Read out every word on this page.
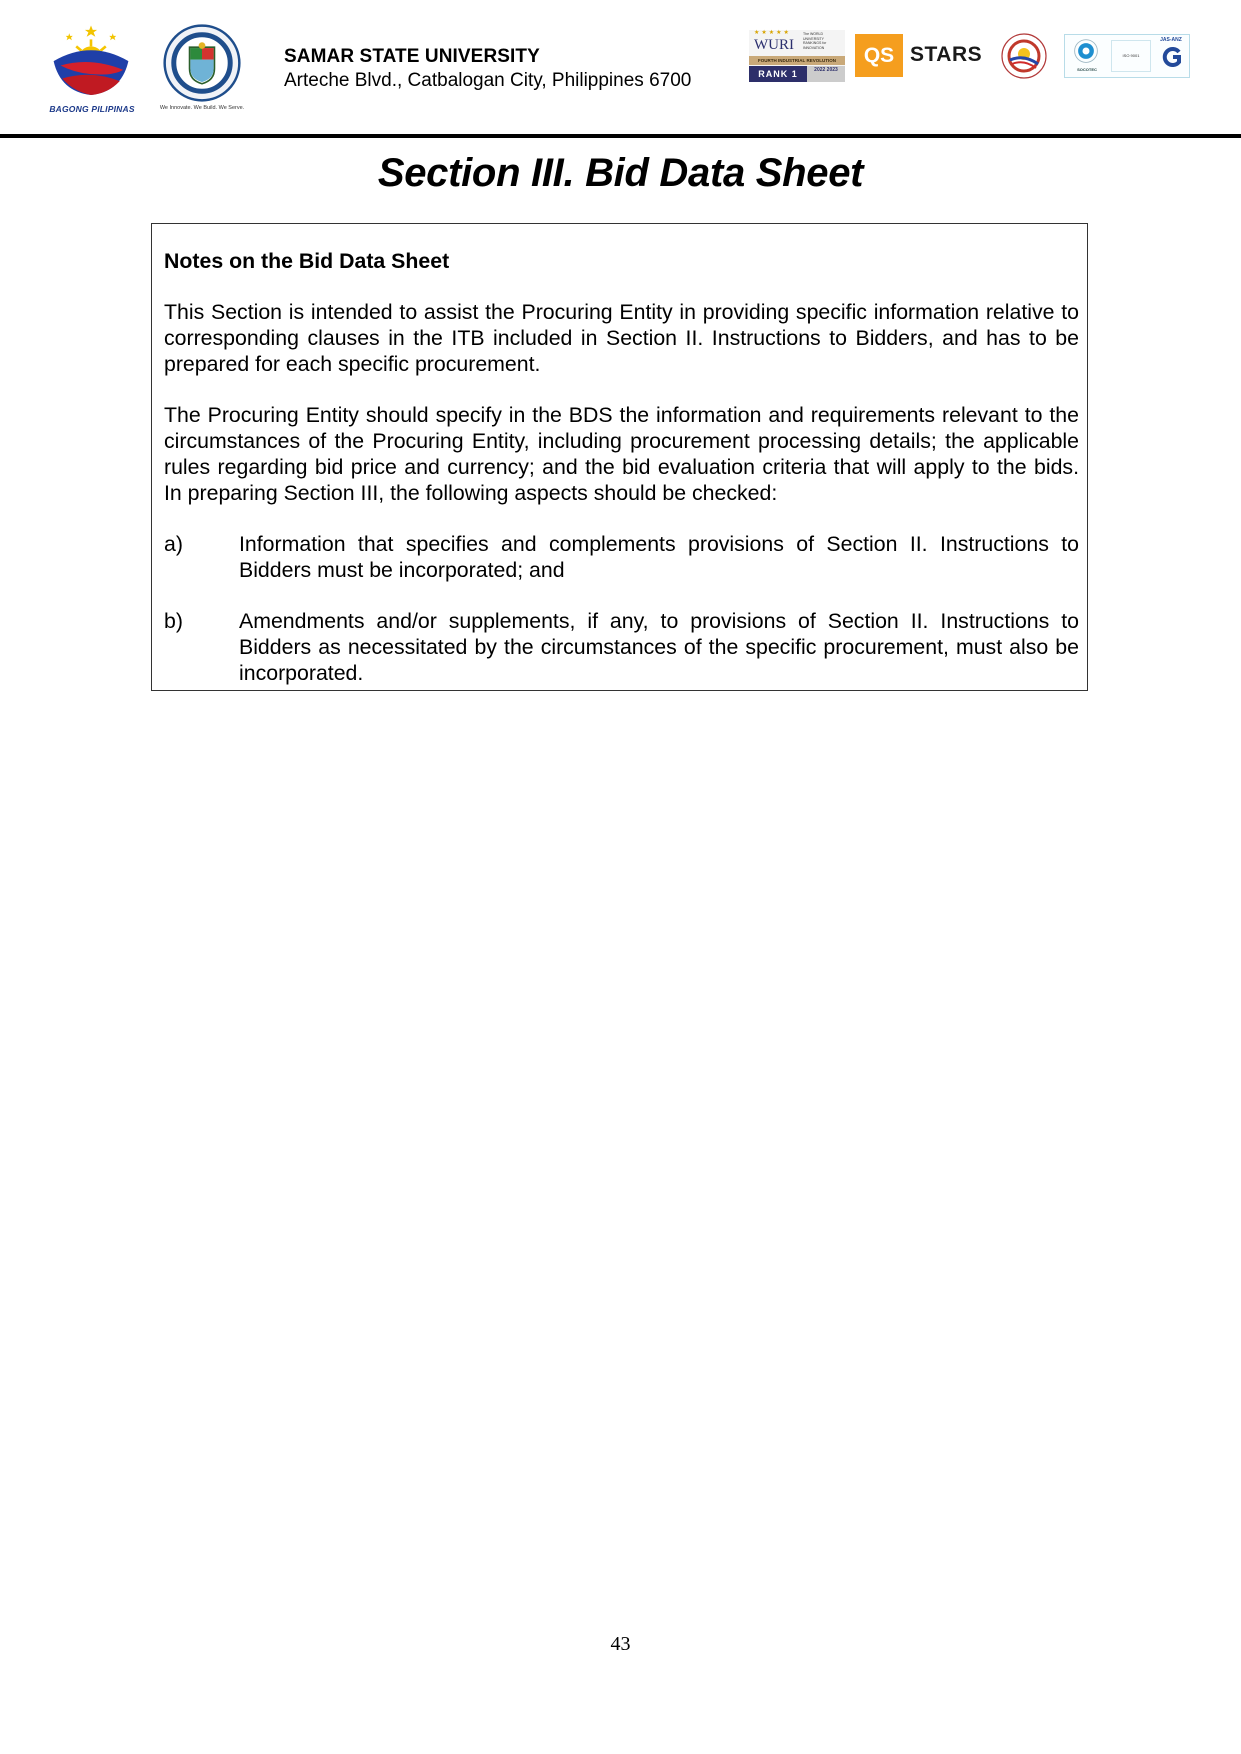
BAGONG PILIPINAS	We Innovate. We Build. We Serve.
SAMAR STATE UNIVERSITY
Arteche Blvd., Catbalogan City, Philippines 6700
★★★★★
WURI
The WORLD UNIVERSITY RANKINGS for INNOVATION
FOURTH INDUSTRIAL REVOLUTION
RANK 1	2022 2023
QS STARS
SOCOTEC
ISO 9001
JAS-ANZ
Section III. Bid Data Sheet

Notes on the Bid Data Sheet

This Section is intended to assist the Procuring Entity in providing specific information relative to corresponding clauses in the ITB included in Section II. Instructions to Bidders, and has to be prepared for each specific procurement.

The Procuring Entity should specify in the BDS the information and requirements relevant to the circumstances of the Procuring Entity, including procurement processing details; the applicable rules regarding bid price and currency; and the bid evaluation criteria that will apply to the bids. In preparing Section III, the following aspects should be checked:

a)	Information that specifies and complements provisions of Section II. Instructions to Bidders must be incorporated; and
b)	Amendments and/or supplements, if any, to provisions of Section II. Instructions to Bidders as necessitated by the circumstances of the specific procurement, must also be incorporated.
43
